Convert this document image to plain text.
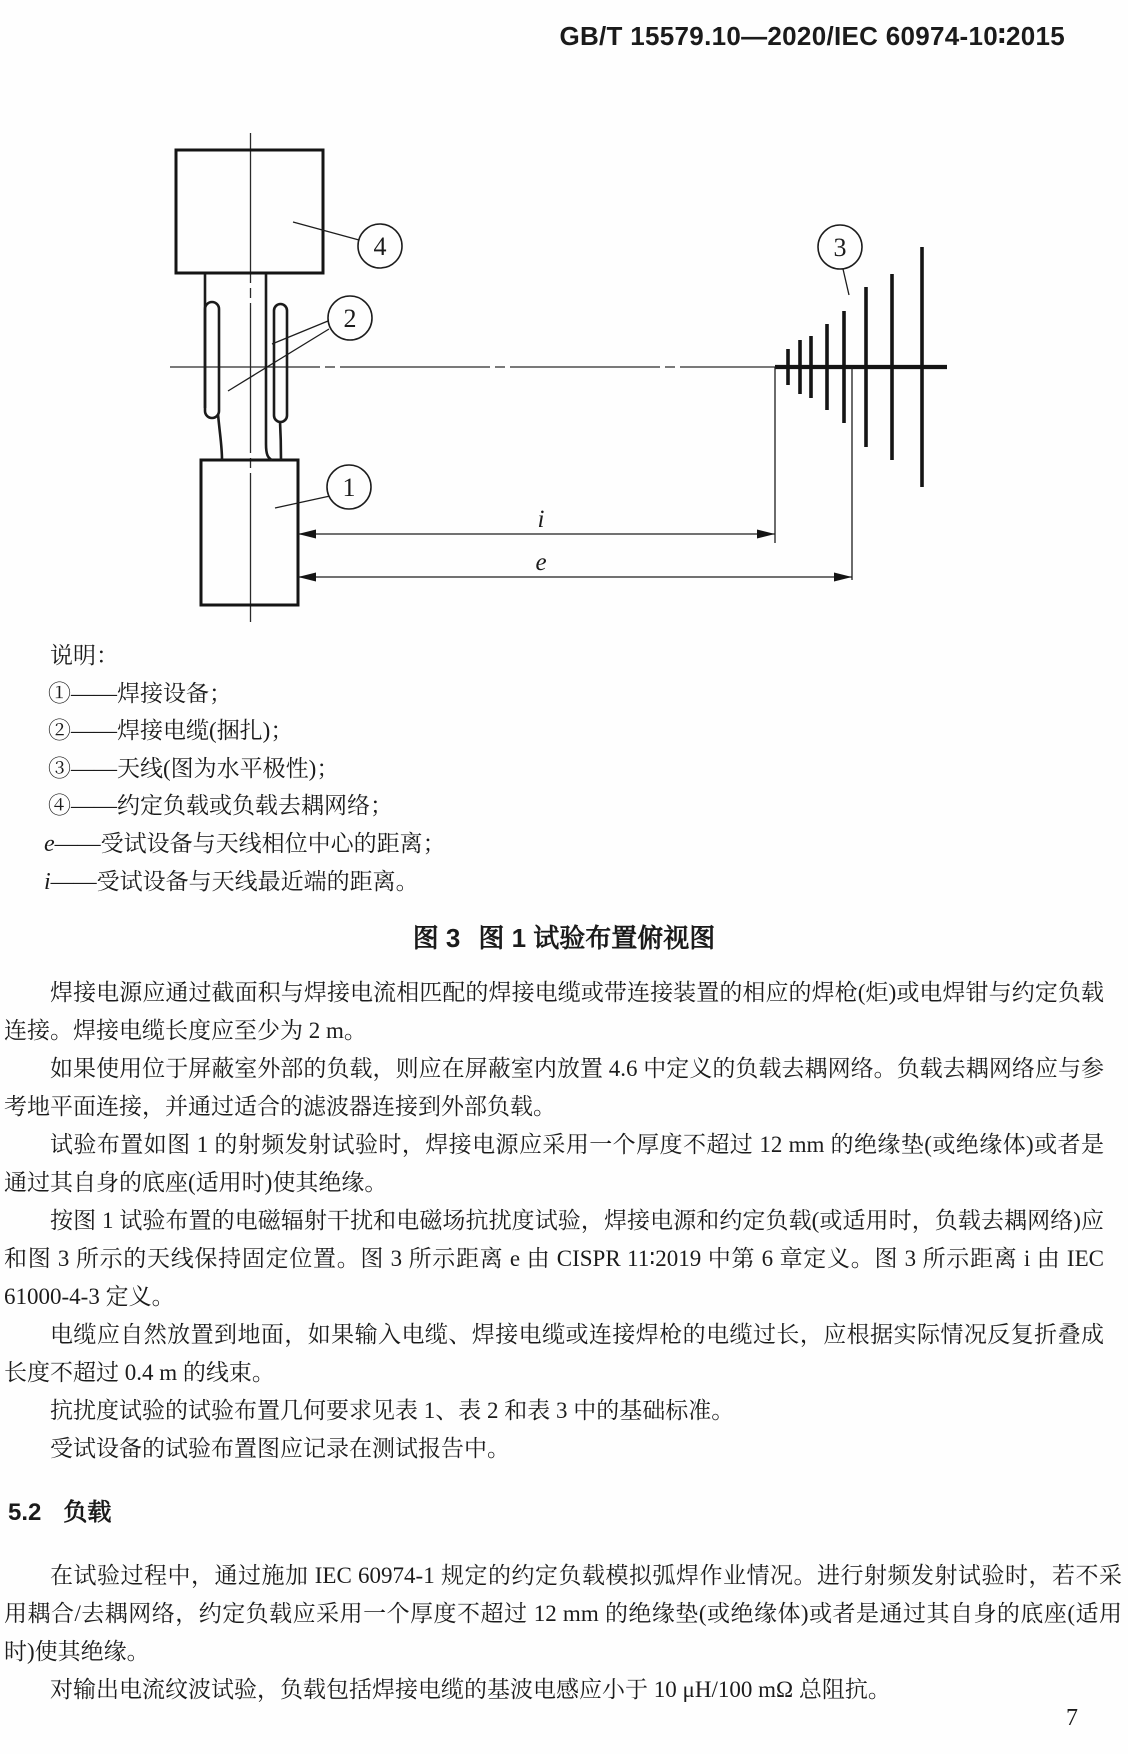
GB/T 15579.10—2020/IEC 60974-10∶2015
i
e
4
2
1
3
说明：
①——焊接设备；
②——焊接电缆(捆扎)；
③——天线(图为水平极性)；
④——约定负载或负载去耦网络；
e——受试设备与天线相位中心的距离；
i——受试设备与天线最近端的距离。
图 3 图 1 试验布置俯视图

焊接电源应通过截面积与焊接电流相匹配的焊接电缆或带连接装置的相应的焊枪(炬)或电焊钳与约定负载连接。焊接电缆长度应至少为 2 m。

如果使用位于屏蔽室外部的负载，则应在屏蔽室内放置 4.6 中定义的负载去耦网络。负载去耦网络应与参考地平面连接，并通过适合的滤波器连接到外部负载。

试验布置如图 1 的射频发射试验时，焊接电源应采用一个厚度不超过 12 mm 的绝缘垫(或绝缘体)或者是通过其自身的底座(适用时)使其绝缘。

按图 1 试验布置的电磁辐射干扰和电磁场抗扰度试验，焊接电源和约定负载(或适用时，负载去耦网络)应和图 3 所示的天线保持固定位置。图 3 所示距离 e 由 CISPR 11∶2019 中第 6 章定义。图 3 所示距离 i 由 IEC 61000-4-3 定义。

电缆应自然放置到地面，如果输入电缆、焊接电缆或连接焊枪的电缆过长，应根据实际情况反复折叠成长度不超过 0.4 m 的线束。

抗扰度试验的试验布置几何要求见表 1、表 2 和表 3 中的基础标准。

受试设备的试验布置图应记录在测试报告中。

5.2 负载

在试验过程中，通过施加 IEC 60974-1 规定的约定负载模拟弧焊作业情况。进行射频发射试验时，若不采用耦合/去耦网络，约定负载应采用一个厚度不超过 12 mm 的绝缘垫(或绝缘体)或者是通过其自身的底座(适用时)使其绝缘。

对输出电流纹波试验，负载包括焊接电缆的基波电感应小于 10 μH/100 mΩ 总阻抗。

7
